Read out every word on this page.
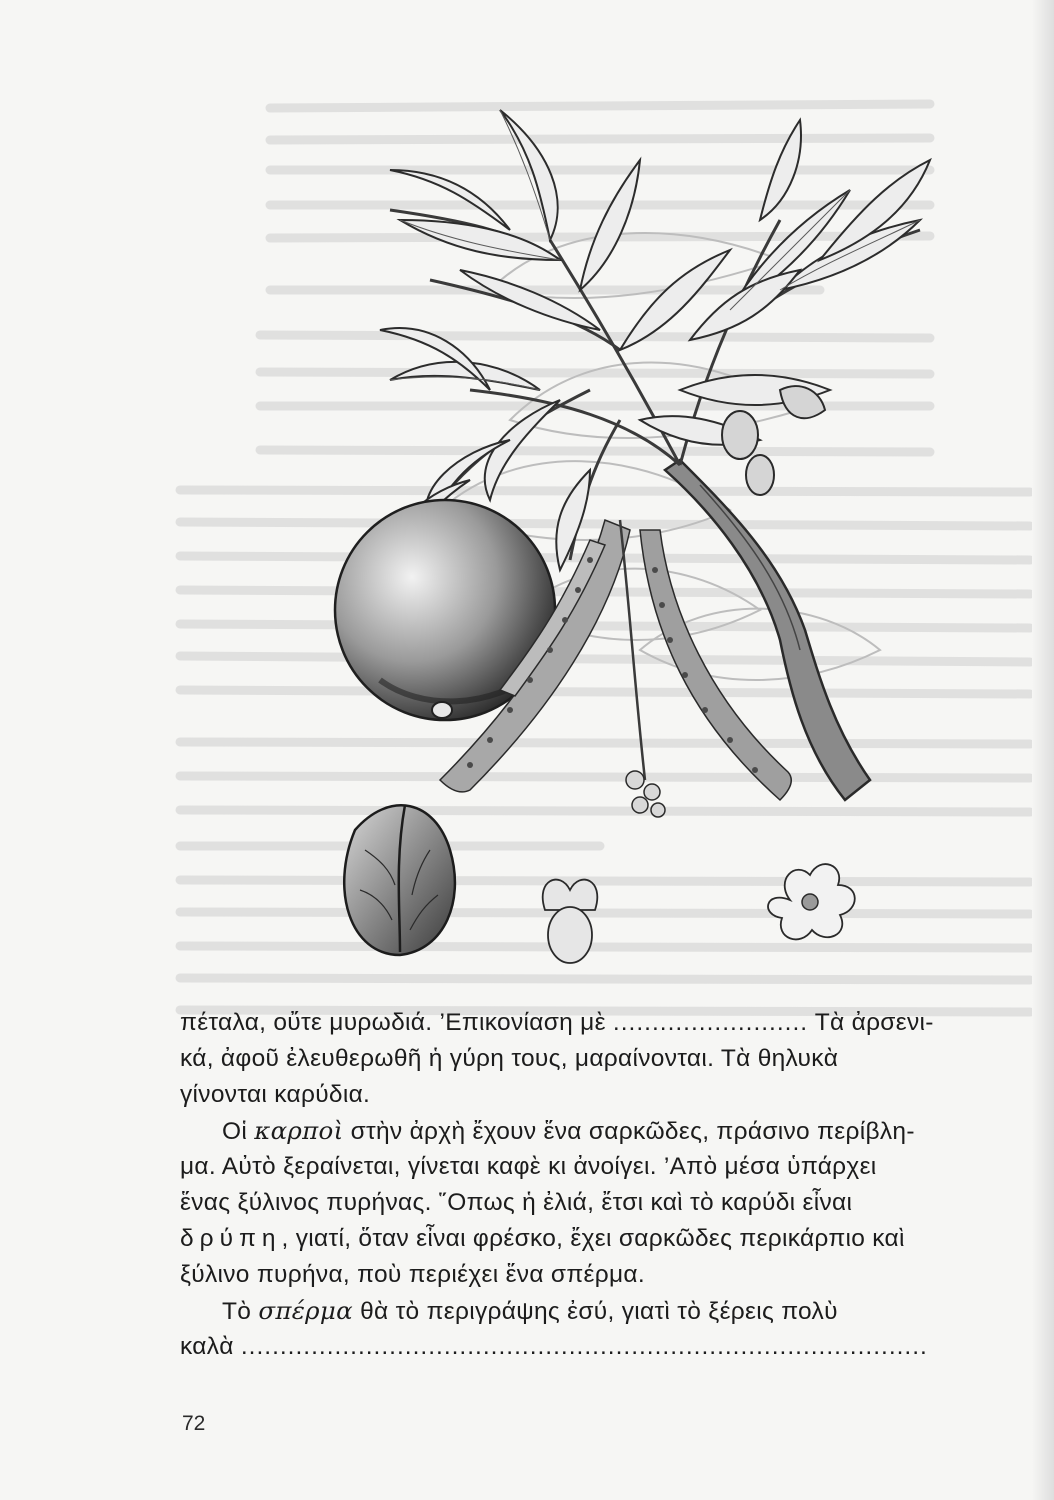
πέταλα, οὔτε μυρωδιά. ’Επικονίαση μὲ ......................... Τὰ ἀρσενι-
κά, ἀφοῦ ἐλευθερωθῆ ἡ γύρη τους, μαραίνονται. Τὰ θηλυκὰ
γίνονται καρύδια.
Οἱ καρποὶ στὴν ἀρχὴ ἔχουν ἕνα σαρκῶδες, πράσινο περίβλη-
μα. Αὐτὸ ξεραίνεται, γίνεται καφὲ κι ἀνοίγει. ’Απὸ μέσα ὑπάρχει
ἕνας ξύλινος πυρήνας. ῞Οπως ἡ ἐλιά, ἔτσι καὶ τὸ καρύδι εἶναι
δρύπη, γιατί, ὅταν εἶναι φρέσκο, ἔχει σαρκῶδες περικάρπιο καὶ
ξύλινο πυρήνα, ποὺ περιέχει ἕνα σπέρμα.
Τὸ σπέρμα θὰ τὸ περιγράψης ἐσύ, γιατὶ τὸ ξέρεις πολὺ
καλὰ ........................................................................................
72
